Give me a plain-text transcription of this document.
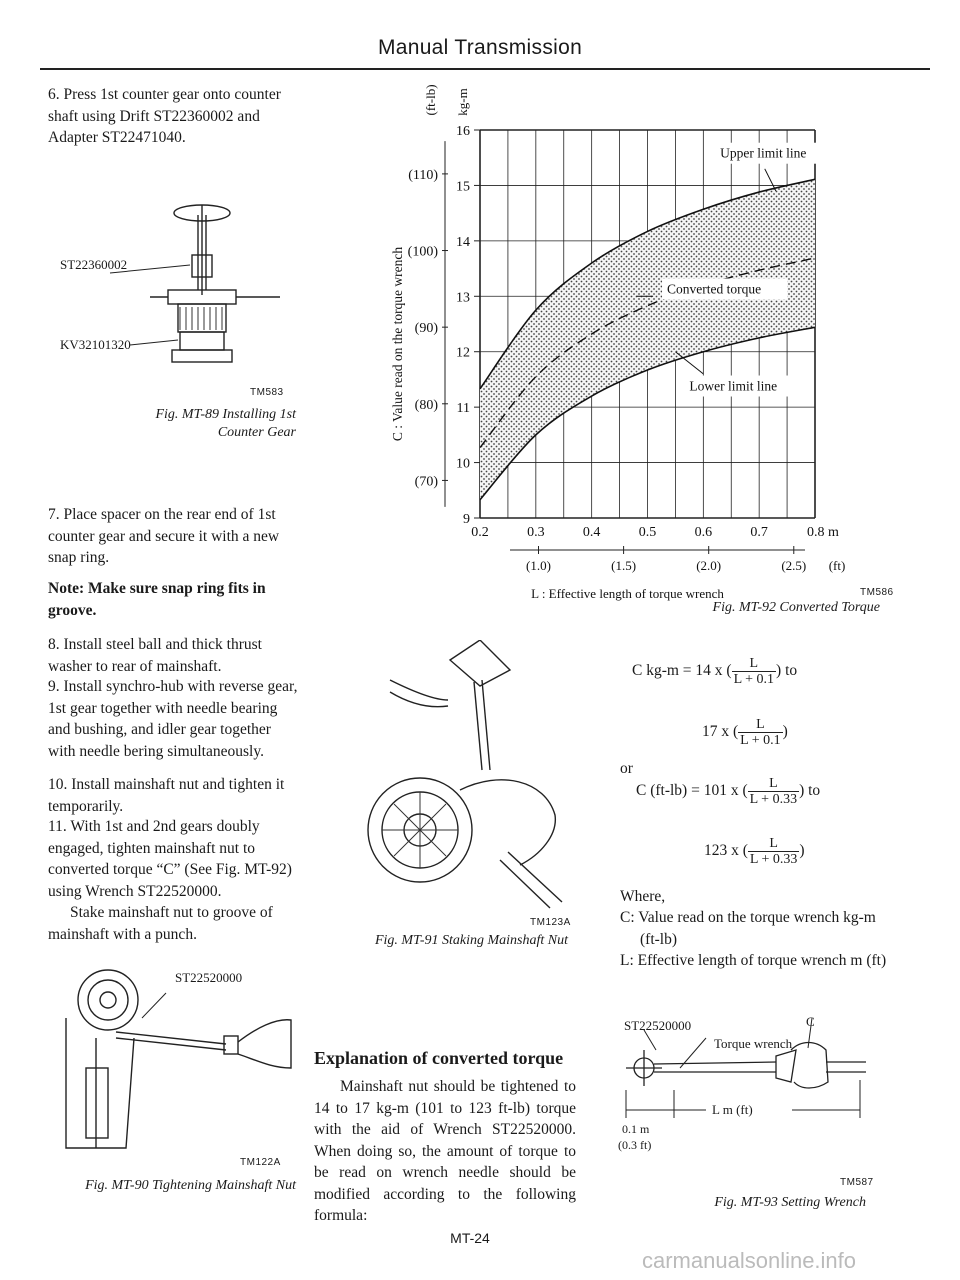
Manual Transmission

6. Press 1st counter gear onto counter shaft using Drift ST22360002 and Adapter ST22471040.

ST22360002
KV32101320
TM583
Fig. MT-89 Installing 1st Counter Gear

7. Place spacer on the rear end of 1st counter gear and secure it with a new snap ring.

Note: Make sure snap ring fits in groove.

8. Install steel ball and thick thrust washer to rear of mainshaft.

9. Install synchro-hub with reverse gear, 1st gear together with needle bearing and bushing, and idler gear together with needle bering simultaneously.

10. Install mainshaft nut and tighten it temporarily.

11. With 1st and 2nd gears doubly engaged, tighten mainshaft nut to converted torque “C” (See Fig. MT-92) using Wrench ST22520000.

Stake mainshaft nut to groove of mainshaft with a punch.

ST22520000
TM122A
Fig. MT-90 Tightening Mainshaft Nut
9
10
11
12
13
14
15
16
(70)
(80)
(90)
(100)
(110)
0.2	0.3	0.4	0.5	0.6	0.7	0.8 m
(1.0)	(1.5)	(2.0)	(2.5) (ft)
L : Effective length of torque wrench
C : Value read on the torque wrench
(ft-lb) kg-m
Upper limit line
Converted torque
Lower limit line
TM586
Fig. MT-92 Converted Torque
TM123A
Fig. MT-91 Staking Mainshaft Nut
Explanation of converted torque

Mainshaft nut should be tightened to 14 to 17 kg-m (101 to 123 ft-lb) torque with the aid of Wrench ST22520000. When doing so, the amount of torque to be read on wrench needle should be modified according to the following formula:

C kg-m = 14 x ( $\frac{L}{L + 0.1}$ ) to
17 x ( $\frac{L}{L + 0.1}$ )
or
C (ft-lb) = 101 x ( $\frac{L}{L + 0.33}$ ) to
123 x ( $\frac{L}{L + 0.33}$ )
Where,

C: Value read on the torque wrench kg-m (ft-lb)

L: Effective length of torque wrench m (ft)

ST22520000
Torque wrench
C
L m (ft)
0.1 m
(0.3 ft)
TM587
Fig. MT-93 Setting Wrench
MT-24
carmanualsonline.info
